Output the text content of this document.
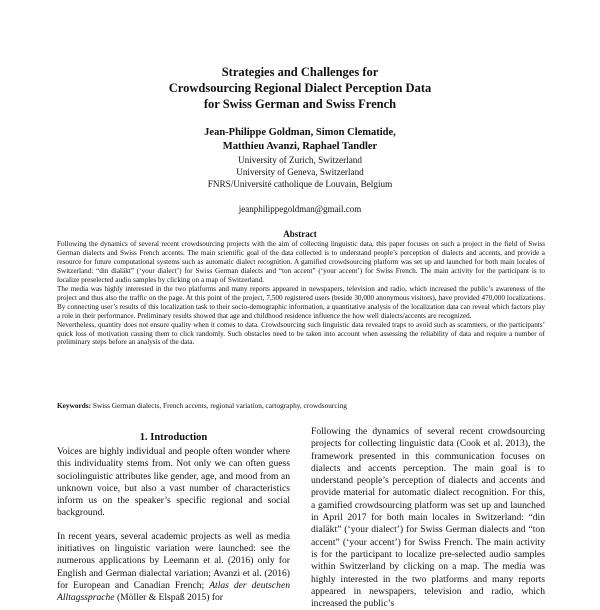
Strategies and Challenges for
Crowdsourcing Regional Dialect Perception Data
for Swiss German and Swiss French
Jean-Philippe Goldman, Simon Clematide,
Matthieu Avanzi, Raphael Tandler
University of Zurich, Switzerland
University of Geneva, Switzerland
FNRS/Université catholique de Louvain, Belgium
jeanphilippegoldman@gmail.com
Abstract

Following the dynamics of several recent crowdsourcing projects with the aim of collecting linguistic data, this paper focuses on such a project in the field of Swiss German dialects and Swiss French accents. The main scientific goal of the data collected is to understand people’s perception of dialects and accents, and provide a resource for future computational systems such as automatic dialect recognition. A gamified crowdsourcing platform was set up and launched for both main locales of Switzerland: “din dialäkt” (‘your dialect’) for Swiss German dialects and “ton accent” (‘your accent’) for Swiss French. The main activity for the participant is to localize preselected audio samples by clicking on a map of Switzerland.

The media was highly interested in the two platforms and many reports appeared in newspapers, television and radio, which increased the public’s awareness of the project and thus also the traffic on the page. At this point of the project, 7,500 registered users (beside 30,000 anonymous visitors), have provided 470,000 localizations. By connecting user’s results of this localization task to their socio-demographic information, a quantitative analysis of the localization data can reveal which factors play a role in their performance. Preliminary results showed that age and childhood residence influence the how well dialects/accents are recognized.

Nevertheless, quantity does not ensure quality when it comes to data. Crowdsourcing such linguistic data revealed traps to avoid such as scammers, or the participants’ quick loss of motivation causing them to click randomly. Such obstacles need to be taken into account when assessing the reliability of data and require a number of preliminary steps before an analysis of the data.

Keywords: Swiss German dialects, French accents, regional variation, cartography, crowdsourcing
1. Introduction

Voices are highly individual and people often wonder where this individuality stems from. Not only we can often guess sociolinguistic attributes like gender, age, and mood from an unknown voice, but also a vast number of characteristics inform us on the speaker’s specific regional and social background.

In recent years, several academic projects as well as media initiatives on linguistic variation were launched: see the numerous applications by Leemann et al. (2016) only for English and German dialectal variation; Avanzi et al. (2016) for European and Canadian French; Atlas der deutschen Alltagssprache (Möller & Elspaß 2015) for

Following the dynamics of several recent crowdsourcing projects for collecting linguistic data (Cook et al. 2013), the framework presented in this communication focuses on dialects and accents perception. The main goal is to understand people’s perception of dialects and accents and provide material for automatic dialect recognition. For this, a gamified crowdsourcing platform was set up and launched in April 2017 for both main locales in Switzerland: “din dialäkt” (‘your dialect’) for Swiss German dialects and “ton accent” (‘your accent’) for Swiss French. The main activity is for the participant to localize pre-selected audio samples within Switzerland by clicking on a map. The media was highly interested in the two platforms and many reports appeared in newspapers, television and radio, which increased the public’s
